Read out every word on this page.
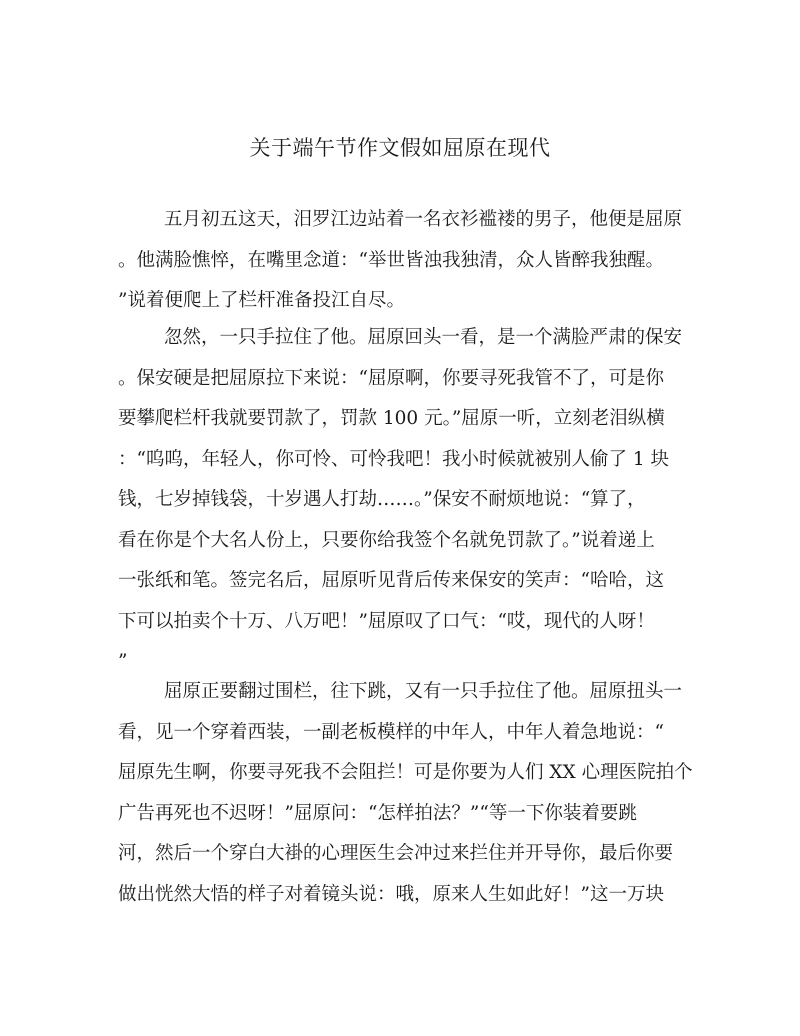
关于端午节作文假如屈原在现代
五月初五这天，汨罗江边站着一名衣衫褴褛的男子，他便是屈原
。他满脸憔悴，在嘴里念道：“举世皆浊我独清，众人皆醉我独醒。
”说着便爬上了栏杆准备投江自尽。
忽然，一只手拉住了他。屈原回头一看，是一个满脸严肃的保安
。保安硬是把屈原拉下来说：“屈原啊，你要寻死我管不了，可是你
要攀爬栏杆我就要罚款了，罚款 100 元。”屈原一听，立刻老泪纵横
：“呜呜，年轻人，你可怜、可怜我吧！我小时候就被别人偷了 1 块
钱，七岁掉钱袋，十岁遇人打劫……。”保安不耐烦地说：“算了，
看在你是个大名人份上，只要你给我签个名就免罚款了。”说着递上
一张纸和笔。签完名后，屈原听见背后传来保安的笑声：“哈哈，这
下可以拍卖个十万、八万吧！”屈原叹了口气：“哎，现代的人呀！
”
屈原正要翻过围栏，往下跳，又有一只手拉住了他。屈原扭头一
看，见一个穿着西装，一副老板模样的中年人，中年人着急地说：“
屈原先生啊，你要寻死我不会阻拦！可是你要为人们 XX 心理医院拍个
广告再死也不迟呀！”屈原问：“怎样拍法？”“等一下你装着要跳
河，然后一个穿白大褂的心理医生会冲过来拦住并开导你，最后你要
做出恍然大悟的样子对着镜头说：哦，原来人生如此好！”这一万块
